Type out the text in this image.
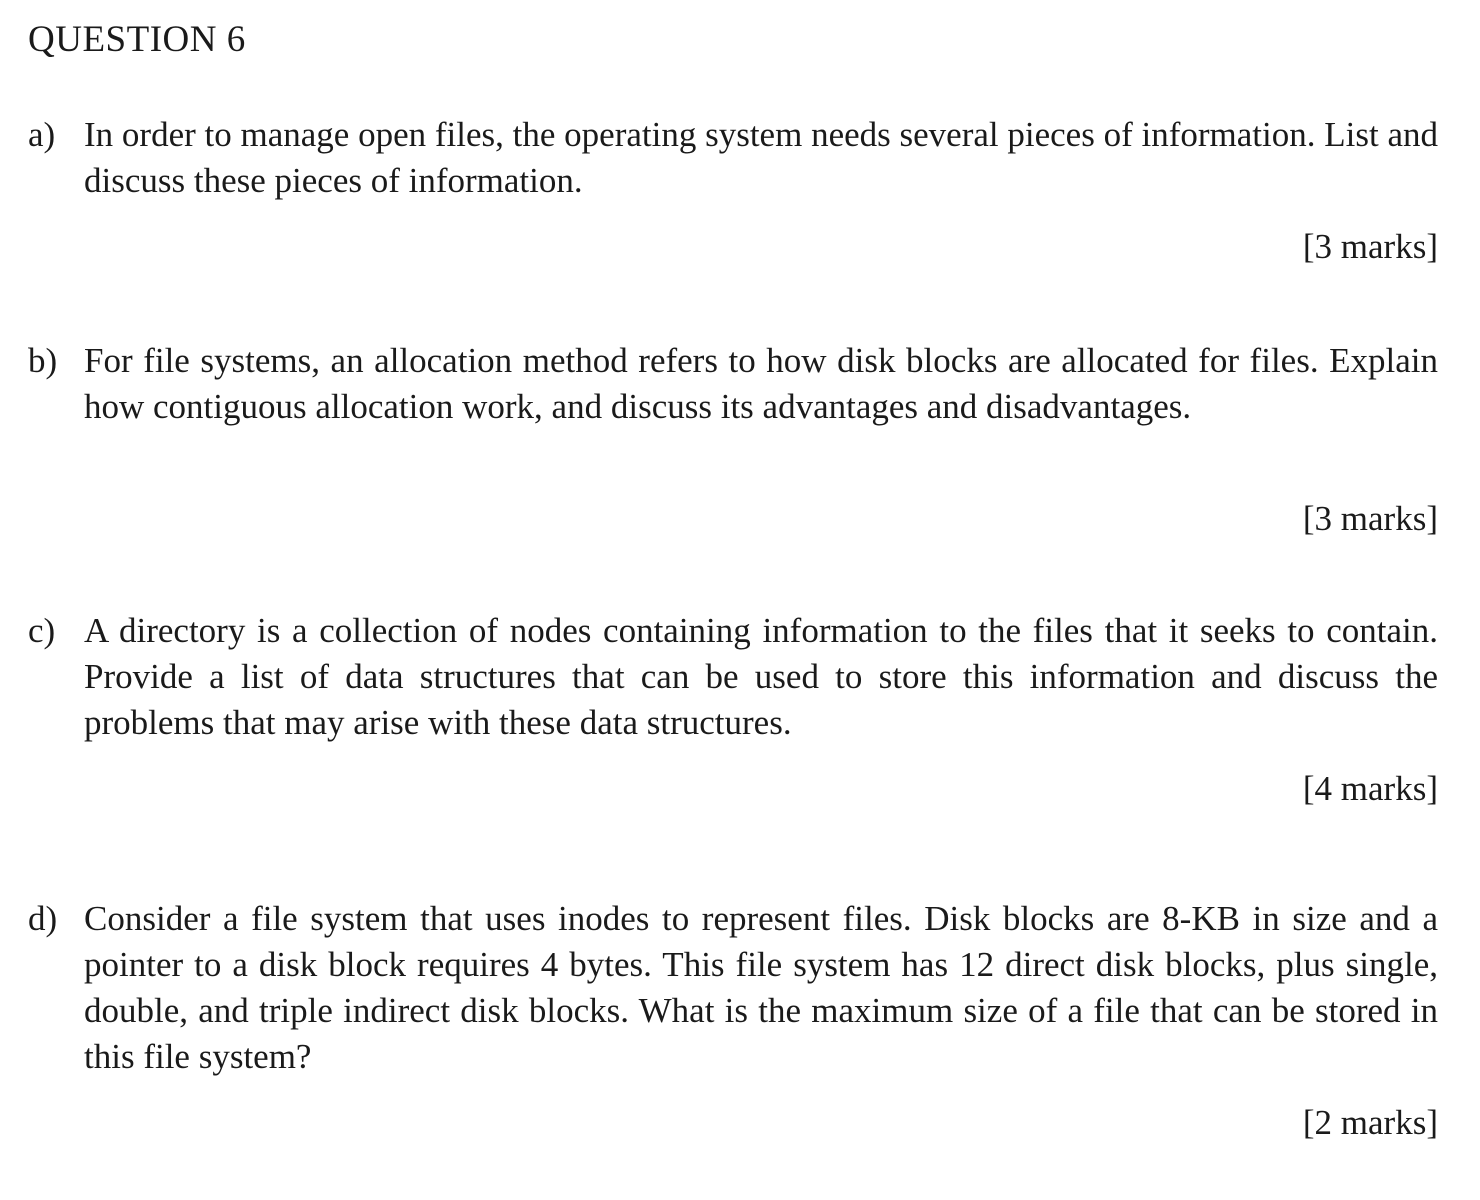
QUESTION 6
a) In order to manage open files, the operating system needs several pieces of information. List and discuss these pieces of information.

[3 marks]
b) For file systems, an allocation method refers to how disk blocks are allocated for files. Explain how contiguous allocation work, and discuss its advantages and disadvantages.

[3 marks]
c) A directory is a collection of nodes containing information to the files that it seeks to contain. Provide a list of data structures that can be used to store this information and discuss the problems that may arise with these data structures.

[4 marks]
d) Consider a file system that uses inodes to represent files. Disk blocks are 8-KB in size and a pointer to a disk block requires 4 bytes. This file system has 12 direct disk blocks, plus single, double, and triple indirect disk blocks. What is the maximum size of a file that can be stored in this file system?

[2 marks]
